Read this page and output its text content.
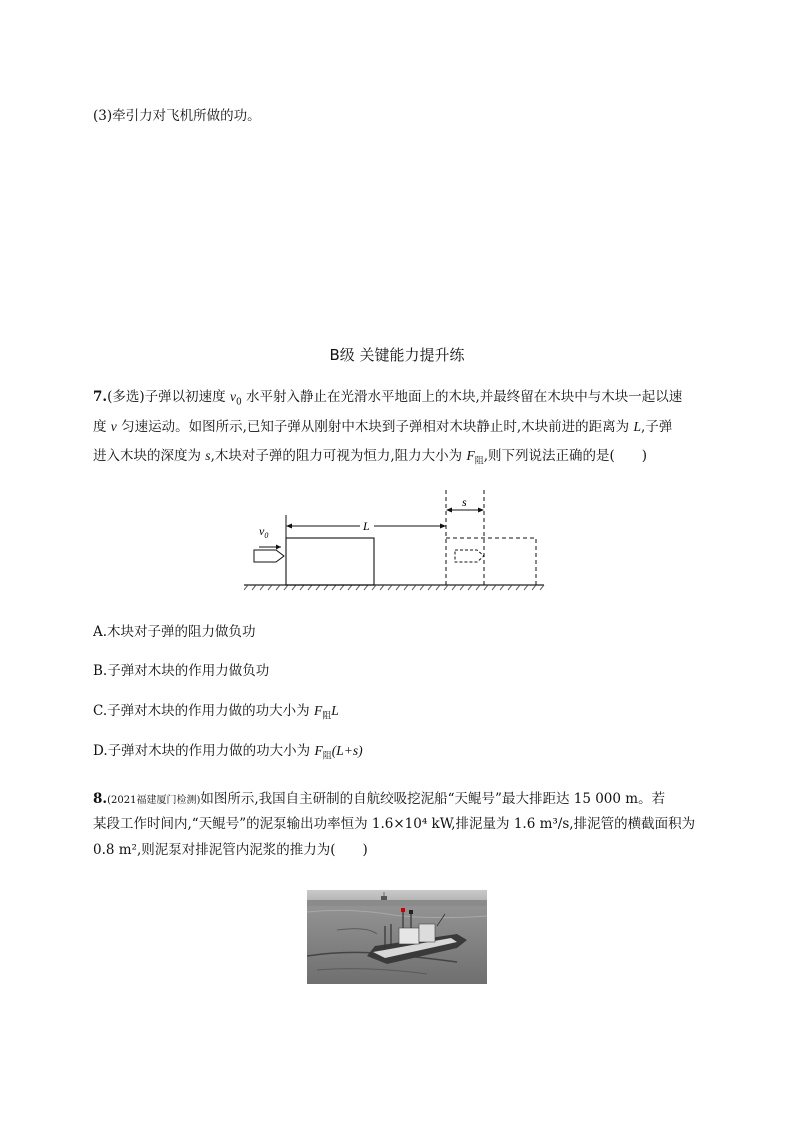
(3)牵引力对飞机所做的功。
B级 关键能力提升练
7.(多选)子弹以初速度 $v_0$ 水平射入静止在光滑水平地面上的木块,并最终留在木块中与木块一起以速
度 v 匀速运动。如图所示,已知子弹从刚射中木块到子弹相对木块静止时,木块前进的距离为 L,子弹
进入木块的深度为 s,木块对子弹的阻力可视为恒力,阻力大小为 $F_阻$,则下列说法正确的是(　　)
$v_0$
L
s
A.木块对子弹的阻力做负功
B.子弹对木块的作用力做负功
C.子弹对木块的作用力做的功大小为 $F_阻L$
D.子弹对木块的作用力做的功大小为 $F_阻(L+s)$
8.(2021福建厦门检测)如图所示,我国自主研制的自航绞吸挖泥船“天鲲号”最大排距达 15 000 m。若
某段工作时间内,“天鲲号”的泥泵输出功率恒为 1.6×10⁴ kW,排泥量为 1.6 m³/s,排泥管的横截面积为
0.8 m²,则泥泵对排泥管内泥浆的推力为(　　)
